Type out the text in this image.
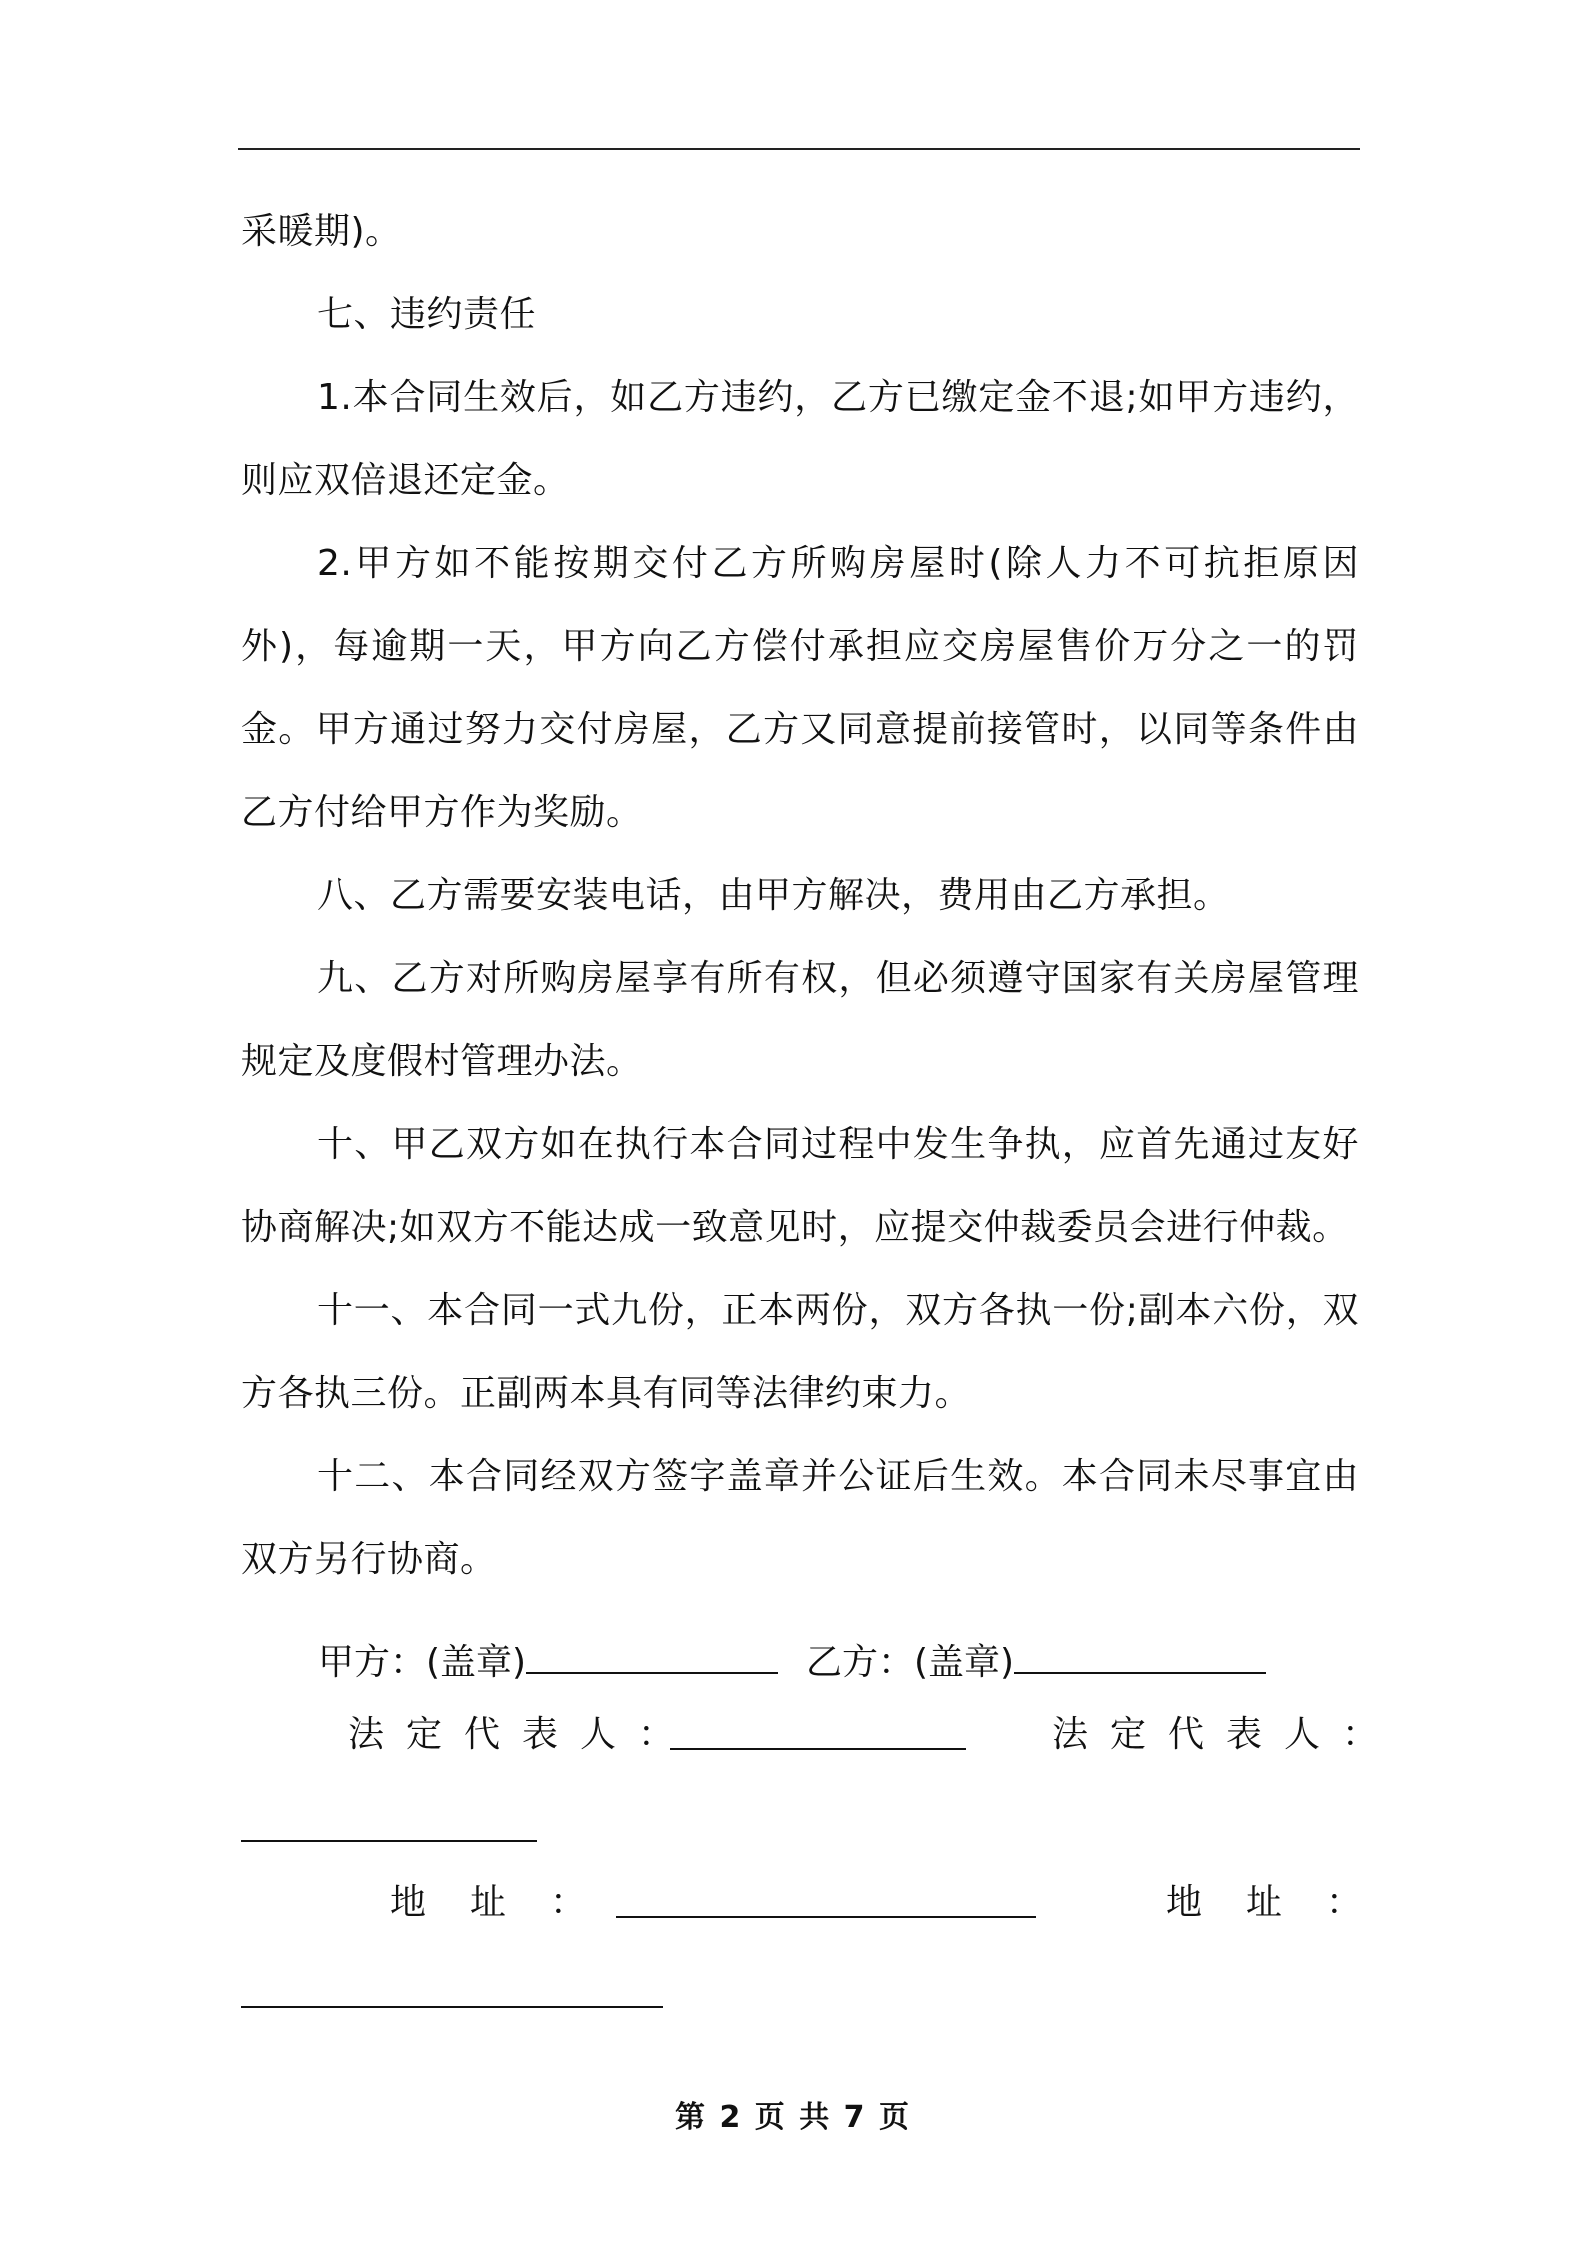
采暖期)。

七、违约责任

1.本合同生效后，如乙方违约，乙方已缴定金不退;如甲方违约，则应双倍退还定金。

2.甲方如不能按期交付乙方所购房屋时(除人力不可抗拒原因外)，每逾期一天，甲方向乙方偿付承担应交房屋售价万分之一的罚金。甲方通过努力交付房屋，乙方又同意提前接管时，以同等条件由乙方付给甲方作为奖励。

八、乙方需要安装电话，由甲方解决，费用由乙方承担。

九、乙方对所购房屋享有所有权，但必须遵守国家有关房屋管理规定及度假村管理办法。

十、甲乙双方如在执行本合同过程中发生争执，应首先通过友好协商解决;如双方不能达成一致意见时，应提交仲裁委员会进行仲裁。

十一、本合同一式九份，正本两份，双方各执一份;副本六份，双方各执三份。正副两本具有同等法律约束力。

十二、本合同经双方签字盖章并公证后生效。本合同未尽事宜由双方另行协商。

甲方：(盖章)	乙方：(盖章)
法定代表人：	法定代表人：
地址：	地址：
第 2 页 共 7 页
